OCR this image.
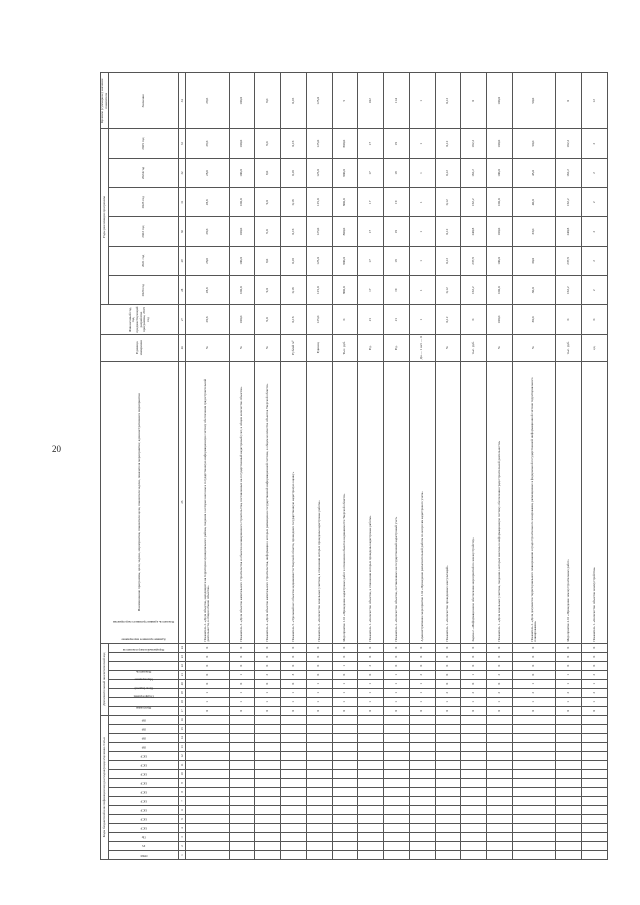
20
Коды бюджетной классификации вид расходов/раздел/целевая статья																Дополнительный аналитический код								Наименование программы, цели, задачи, мероприятия, показателя цели, показателя задачи, показателя мероприятия; административного мероприятия	Единица измерения	Финансовый год, год, предшествующий разработке программы, 2019 год	Годы реализации программы						Целевое (суммарное) значение показателя
ГРБС	Рз	Пр	ЦСР	ЦСР	ЦСР	ЦСР	ЦСР	ЦСР	ЦСР	ЦСР	ЦСР	ВР	ВР	ВР	ВР	Программа	Подпрограмма	Цель (задача)	Мероприятие	Показатель	Порядковый номер показателя	Административное мероприятие	Показатель административного мероприятия				2020 год	2021 год	2022 год	2023 год	2024 год	2025 год	Значение
1	2	3	4	5	6	7	8	9	10	11	12	13	14	15	16	17	18	19	20	21	22	23	24	25	26	27	28	29	30	31	32	33	34
																0	1	1	0	0	0	0	0	Показатель 2. «Доля объектов, находящихся на территории муниципального района, сведения о которых внесены в государственную информационную систему обеспечения градостроительной деятельности, в общем объеме объектов»	%	28,6	28,6	28,6	28,6	28,6	28,6	29,6	29,6
																0	1	1	0	1	0	0	0	Показатель 3. «Доля объектов капитального строительства и объектов незавершенного строительства, поставленных на государственный кадастровый учет, в общем количестве объектов»	%	100,0	100,0	100,0	100,0	100,0	100,0	100,0	100,0
																0	1	1	0	2	0	0	0	Показатель 4. «Доля объектов капитального строительства, информация о которых размещена в государственной информационной системе, в общем количестве объектов Тверской области»	%	9,0	9,0	9,0	9,0	9,0	9,0	9,0	9,0
																0	1	1	0	3	0	0	0	Показатель 5. «Удельный вес объектов недвижимости Тверской области, прошедших государственную кадастровую оценку»	Рублей м²	0,16	0,16	0,16	0,16	0,16	0,16	0,16	0,16
																0	1	1	1	0	0	0	0	Показатель 6. «Количество земельных участков, в отношении которых проведены кадастровые работы»	Единиц	125,0	125,0	125,0	125,0	125,0	125,0	125,0	125,0
																0	1	1	1	0	1	0	0	Мероприятие 1.01 «Проведение кадастровых работ в отношении объектов недвижимости Тверской области»	Тыс. руб.	0	800,0	800,0	800,0	800,0	800,0	800,0	5
																0	1	1	1	0	2	0	0	Показатель 1. «Количество объектов, в отношении которых проведены кадастровые работы»	Ед.	21	17	17	17	17	17	17	102
																0	1	1	1	1	0	0	0	Показатель 2. «Количество объектов, поставленных на государственный кадастровый учет»	Ед.	21	19	19	19	19	19	19	114
																0	1	1	1	2	0	0	0	Административное мероприятие 1.02 «Проведение разъяснительной работы по вопросам кадастрового учета»	Да — 1 нет — 0	1	1	1	1	1	1	1	1
																0	1	2	0	0	0	0	0	Показатель 1. «Количество проведенных консультаций»	%	0,12	0,12	0,12	0,12	0,12	0,12	0,12	0,12
																0	1	2	0	1	0	0	0	Задача 2. «Информационное обеспечение мероприятий по землеустройству»	тыс. руб.	0	162,2	237,9	240,8	162,2	162,2	162,2	0
																0	1	2	0	2	0	0	0	Показатель 1. «Доля земельных участков, сведения о которых внесены в информационную систему обеспечения градостроительной деятельности»	%	100,0	100,0	100,0	100,0	100,0	100,0	100,0	100,0
																0	1	2	1	0	0	0	0	Показатель 2. «Доля документов территориального планирования и градостроительного зонирования, размещенных в федеральной государственной информационной системе территориального планирования»	%	30,0	30,0	30,0	33,0	40,0	45,0	50,0	50,0
																0	1	2	1	1	0	0	0	Мероприятие 2.01 «Проведение землеустроительных работ»	тыс. руб.	0	162,2	237,9	240,8	162,2	162,2	162,2	0
																0	1	2	1	2	0	0	0	Показатель 1. «Количество объектов землеустройства»	ед.	0	2	2	2	2	2	2	12
